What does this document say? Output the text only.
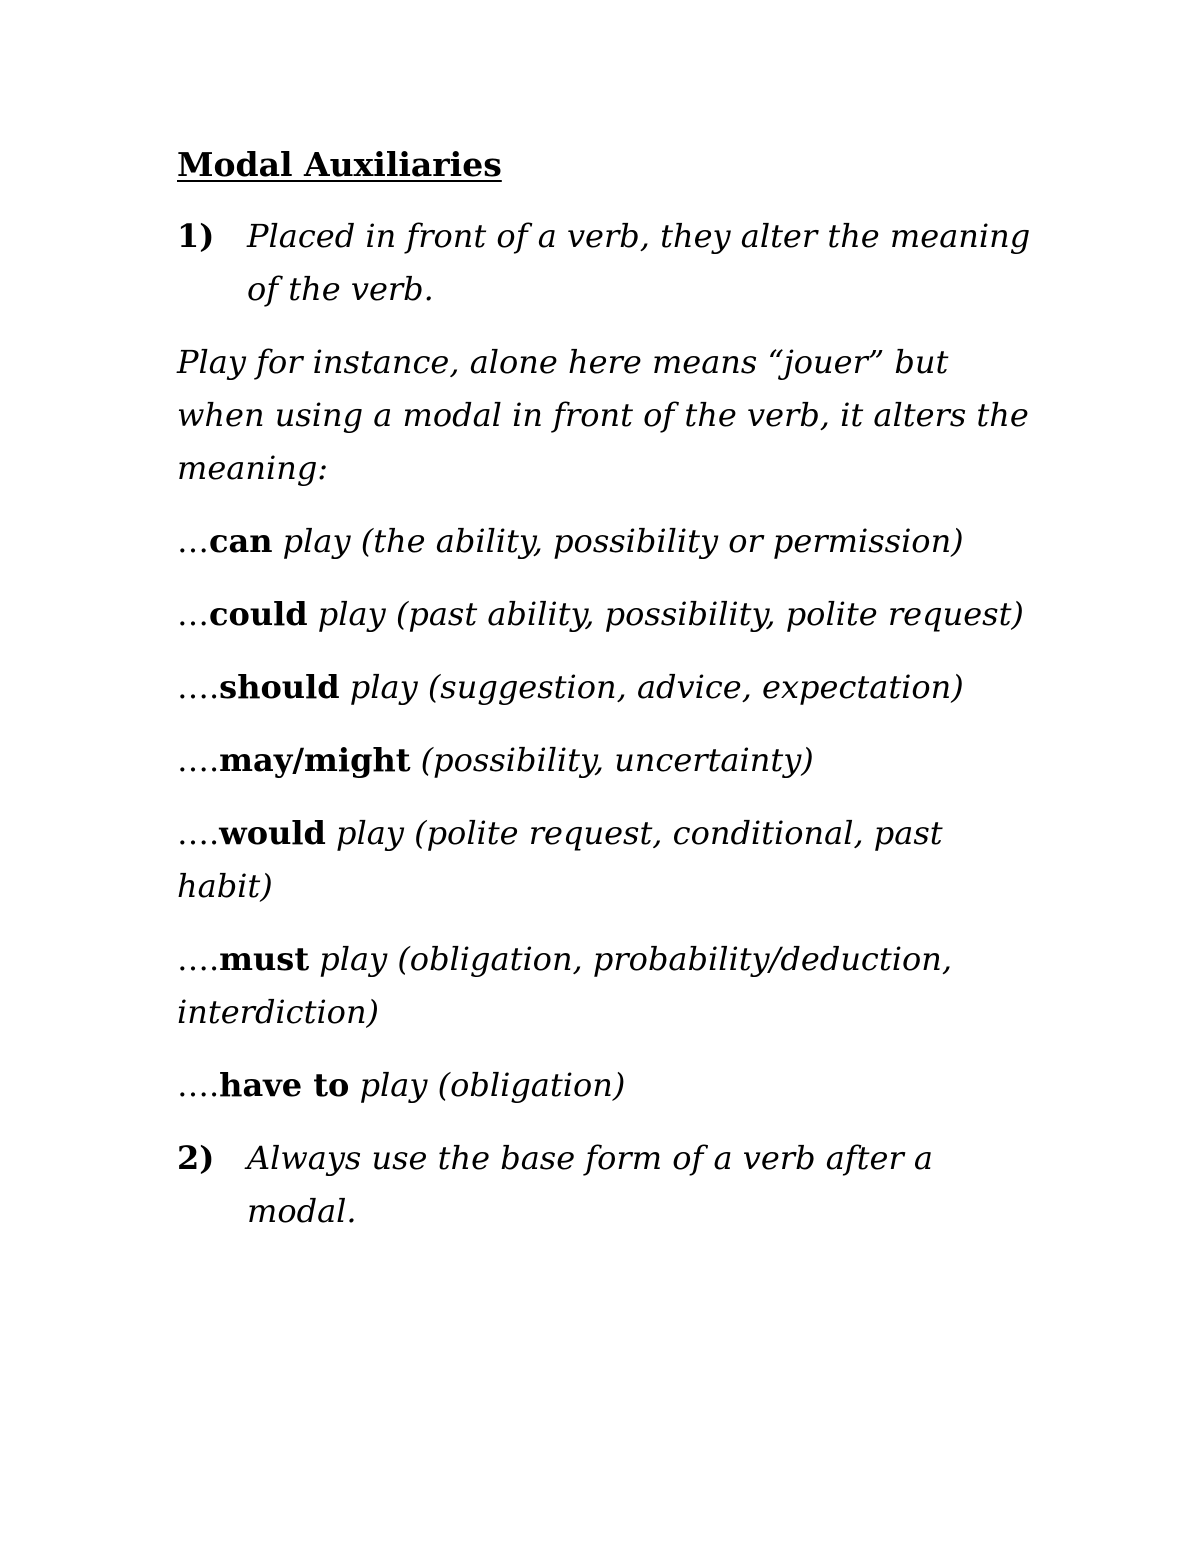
Modal Auxiliaries
1)	Placed in front of a verb, they alter the meaning of the verb.
Play for instance, alone here means “jouer” but when using a modal in front of the verb, it alters the meaning:
…can play (the ability, possibility or permission)
…could play (past ability, possibility, polite request)
….should play (suggestion, advice, expectation)
….may/might (possibility, uncertainty)
….would play (polite request, conditional, past habit)
….must play (obligation, probability/deduction, interdiction)
….have to play (obligation)
2)	Always use the base form of a verb after a modal.
